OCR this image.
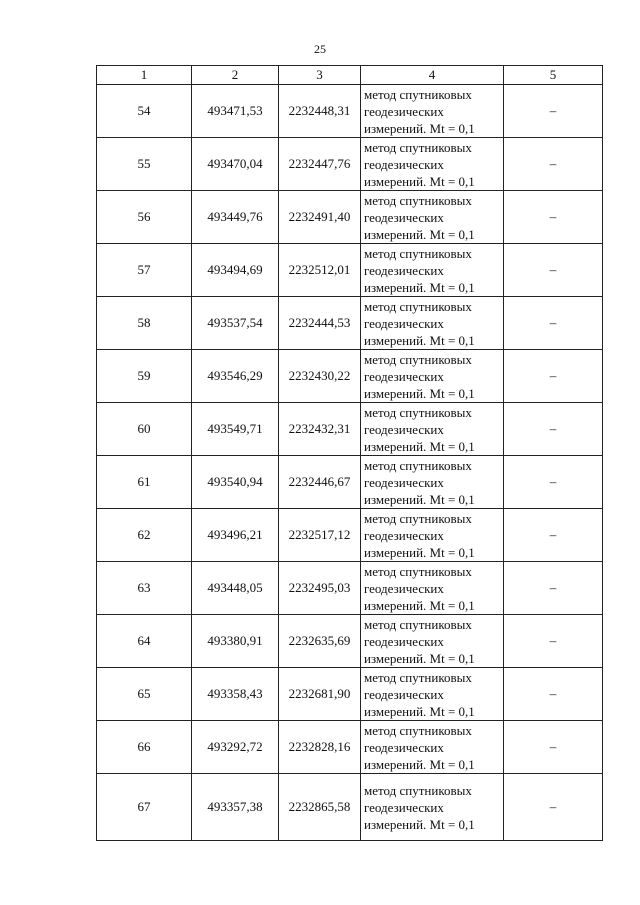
25
1	2	3	4	5
54	493471,53	2232448,31	метод спутниковых
геодезических
измерений. Mt = 0,1	–
55	493470,04	2232447,76	метод спутниковых
геодезических
измерений. Mt = 0,1	–
56	493449,76	2232491,40	метод спутниковых
геодезических
измерений. Mt = 0,1	–
57	493494,69	2232512,01	метод спутниковых
геодезических
измерений. Mt = 0,1	–
58	493537,54	2232444,53	метод спутниковых
геодезических
измерений. Mt = 0,1	–
59	493546,29	2232430,22	метод спутниковых
геодезических
измерений. Mt = 0,1	–
60	493549,71	2232432,31	метод спутниковых
геодезических
измерений. Mt = 0,1	–
61	493540,94	2232446,67	метод спутниковых
геодезических
измерений. Mt = 0,1	–
62	493496,21	2232517,12	метод спутниковых
геодезических
измерений. Mt = 0,1	–
63	493448,05	2232495,03	метод спутниковых
геодезических
измерений. Mt = 0,1	–
64	493380,91	2232635,69	метод спутниковых
геодезических
измерений. Mt = 0,1	–
65	493358,43	2232681,90	метод спутниковых
геодезических
измерений. Mt = 0,1	–
66	493292,72	2232828,16	метод спутниковых
геодезических
измерений. Mt = 0,1	–
67	493357,38	2232865,58	метод спутниковых
геодезических
измерений. Mt = 0,1	–
